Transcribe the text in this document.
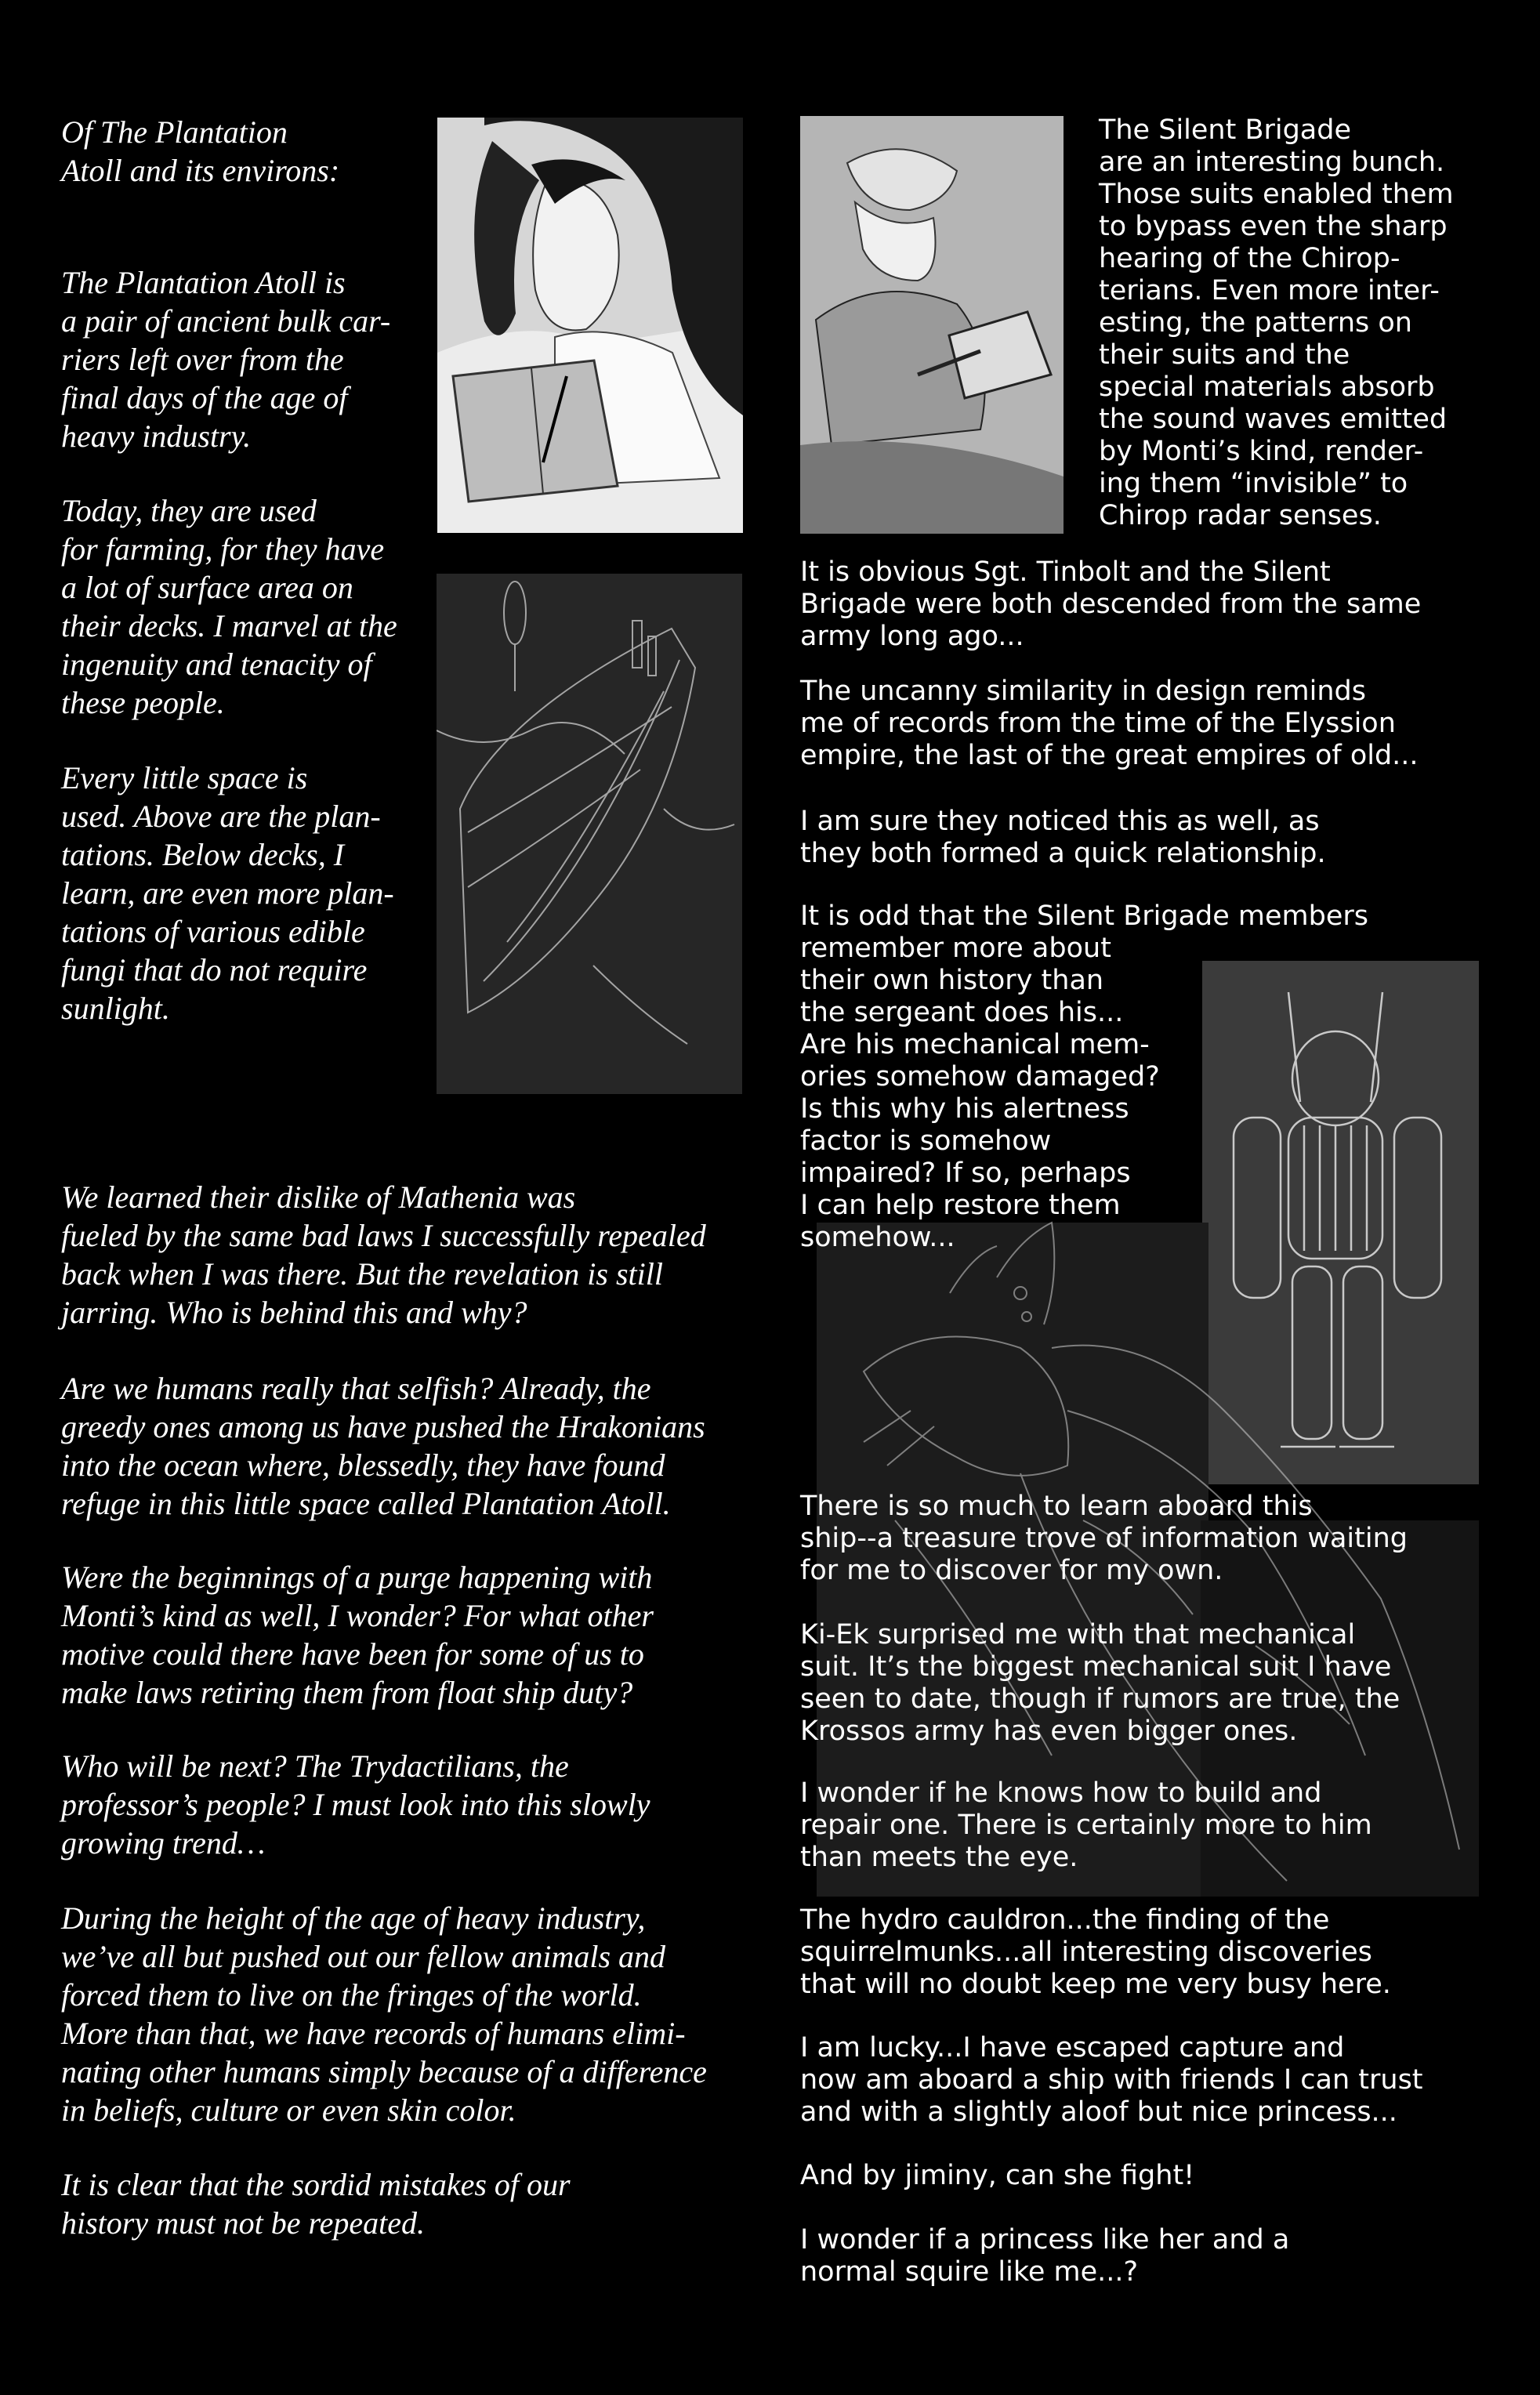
Of The Plantation
Atoll and its environs:

The Plantation Atoll is
a pair of ancient bulk car-
riers left over from the
final days of the age of
heavy industry.

Today, they are used
for farming, for they have
a lot of surface area on
their decks. I marvel at the
ingenuity and tenacity of
these people.

Every little space is
used. Above are the plan-
tations. Below decks, I
learn, are even more plan-
tations of various edible
fungi that do not require
sunlight.

We learned their dislike of Mathenia was
fueled by the same bad laws I successfully repealed
back when I was there. But the revelation is still
jarring. Who is behind this and why?

Are we humans really that selfish? Already, the
greedy ones among us have pushed the Hrakonians
into the ocean where, blessedly, they have found
refuge in this little space called Plantation Atoll.

Were the beginnings of a purge happening with
Monti’s kind as well, I wonder? For what other
motive could there have been for some of us to
make laws retiring them from float ship duty?

Who will be next? The Trydactilians, the
professor’s people? I must look into this slowly
growing trend…

During the height of the age of heavy industry,
we’ve all but pushed out our fellow animals and
forced them to live on the fringes of the world.
More than that, we have records of humans elimi-
nating other humans simply because of a difference
in beliefs, culture or even skin color.

It is clear that the sordid mistakes of our
history must not be repeated.

The Silent Brigade
are an interesting bunch.
Those suits enabled them
to bypass even the sharp
hearing of the Chirop-
terians. Even more inter-
esting, the patterns on
their suits and the
special materials absorb
the sound waves emitted
by Monti’s kind, render-
ing them “invisible” to
Chirop radar senses.

It is obvious Sgt. Tinbolt and the Silent
Brigade were both descended from the same
army long ago...

The uncanny similarity in design reminds
me of records from the time of the Elyssion
empire, the last of the great empires of old...

I am sure they noticed this as well, as
they both formed a quick relationship.

It is odd that the Silent Brigade members

remember more about
their own history than
the sergeant does his...
Are his mechanical mem-
ories somehow damaged?
Is this why his alertness
factor is somehow
impaired? If so, perhaps
I can help restore them
somehow...

There is so much to learn aboard this
ship--a treasure trove of information waiting
for me to discover for my own.

Ki-Ek surprised me with that mechanical
suit. It’s the biggest mechanical suit I have
seen to date, though if rumors are true, the
Krossos army has even bigger ones.

I wonder if he knows how to build and
repair one. There is certainly more to him
than meets the eye.

The hydro cauldron...the finding of the
squirrelmunks...all interesting discoveries
that will no doubt keep me very busy here.

I am lucky...I have escaped capture and
now am aboard a ship with friends I can trust
and with a slightly aloof but nice princess...

And by jiminy, can she fight!

I wonder if a princess like her and a
normal squire like me...?
